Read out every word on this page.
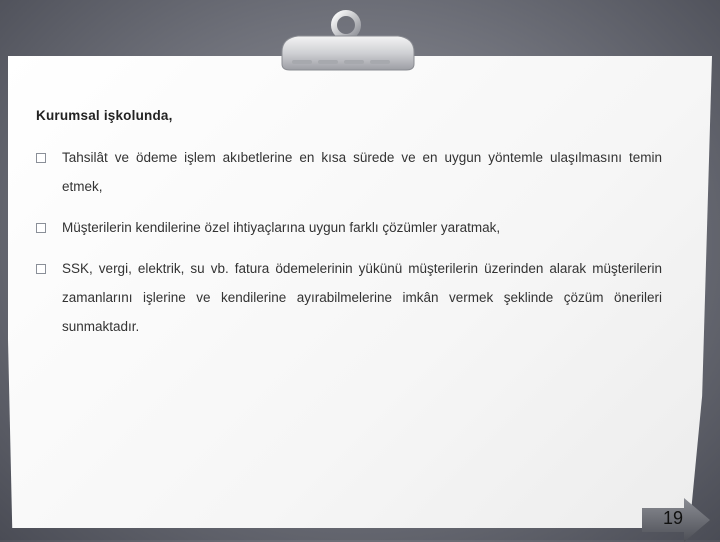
Kurumsal işkolunda,
Tahsilât ve ödeme işlem akıbetlerine en kısa sürede ve en uygun yöntemle ulaşılmasını temin etmek,
Müşterilerin kendilerine özel ihtiyaçlarına uygun farklı çözümler yaratmak,
SSK, vergi, elektrik, su vb. fatura ödemelerinin yükünü müşterilerin üzerinden alarak müşterilerin zamanlarını işlerine ve kendilerine ayırabilmelerine imkân vermek şeklinde çözüm önerileri sunmaktadır.
19
